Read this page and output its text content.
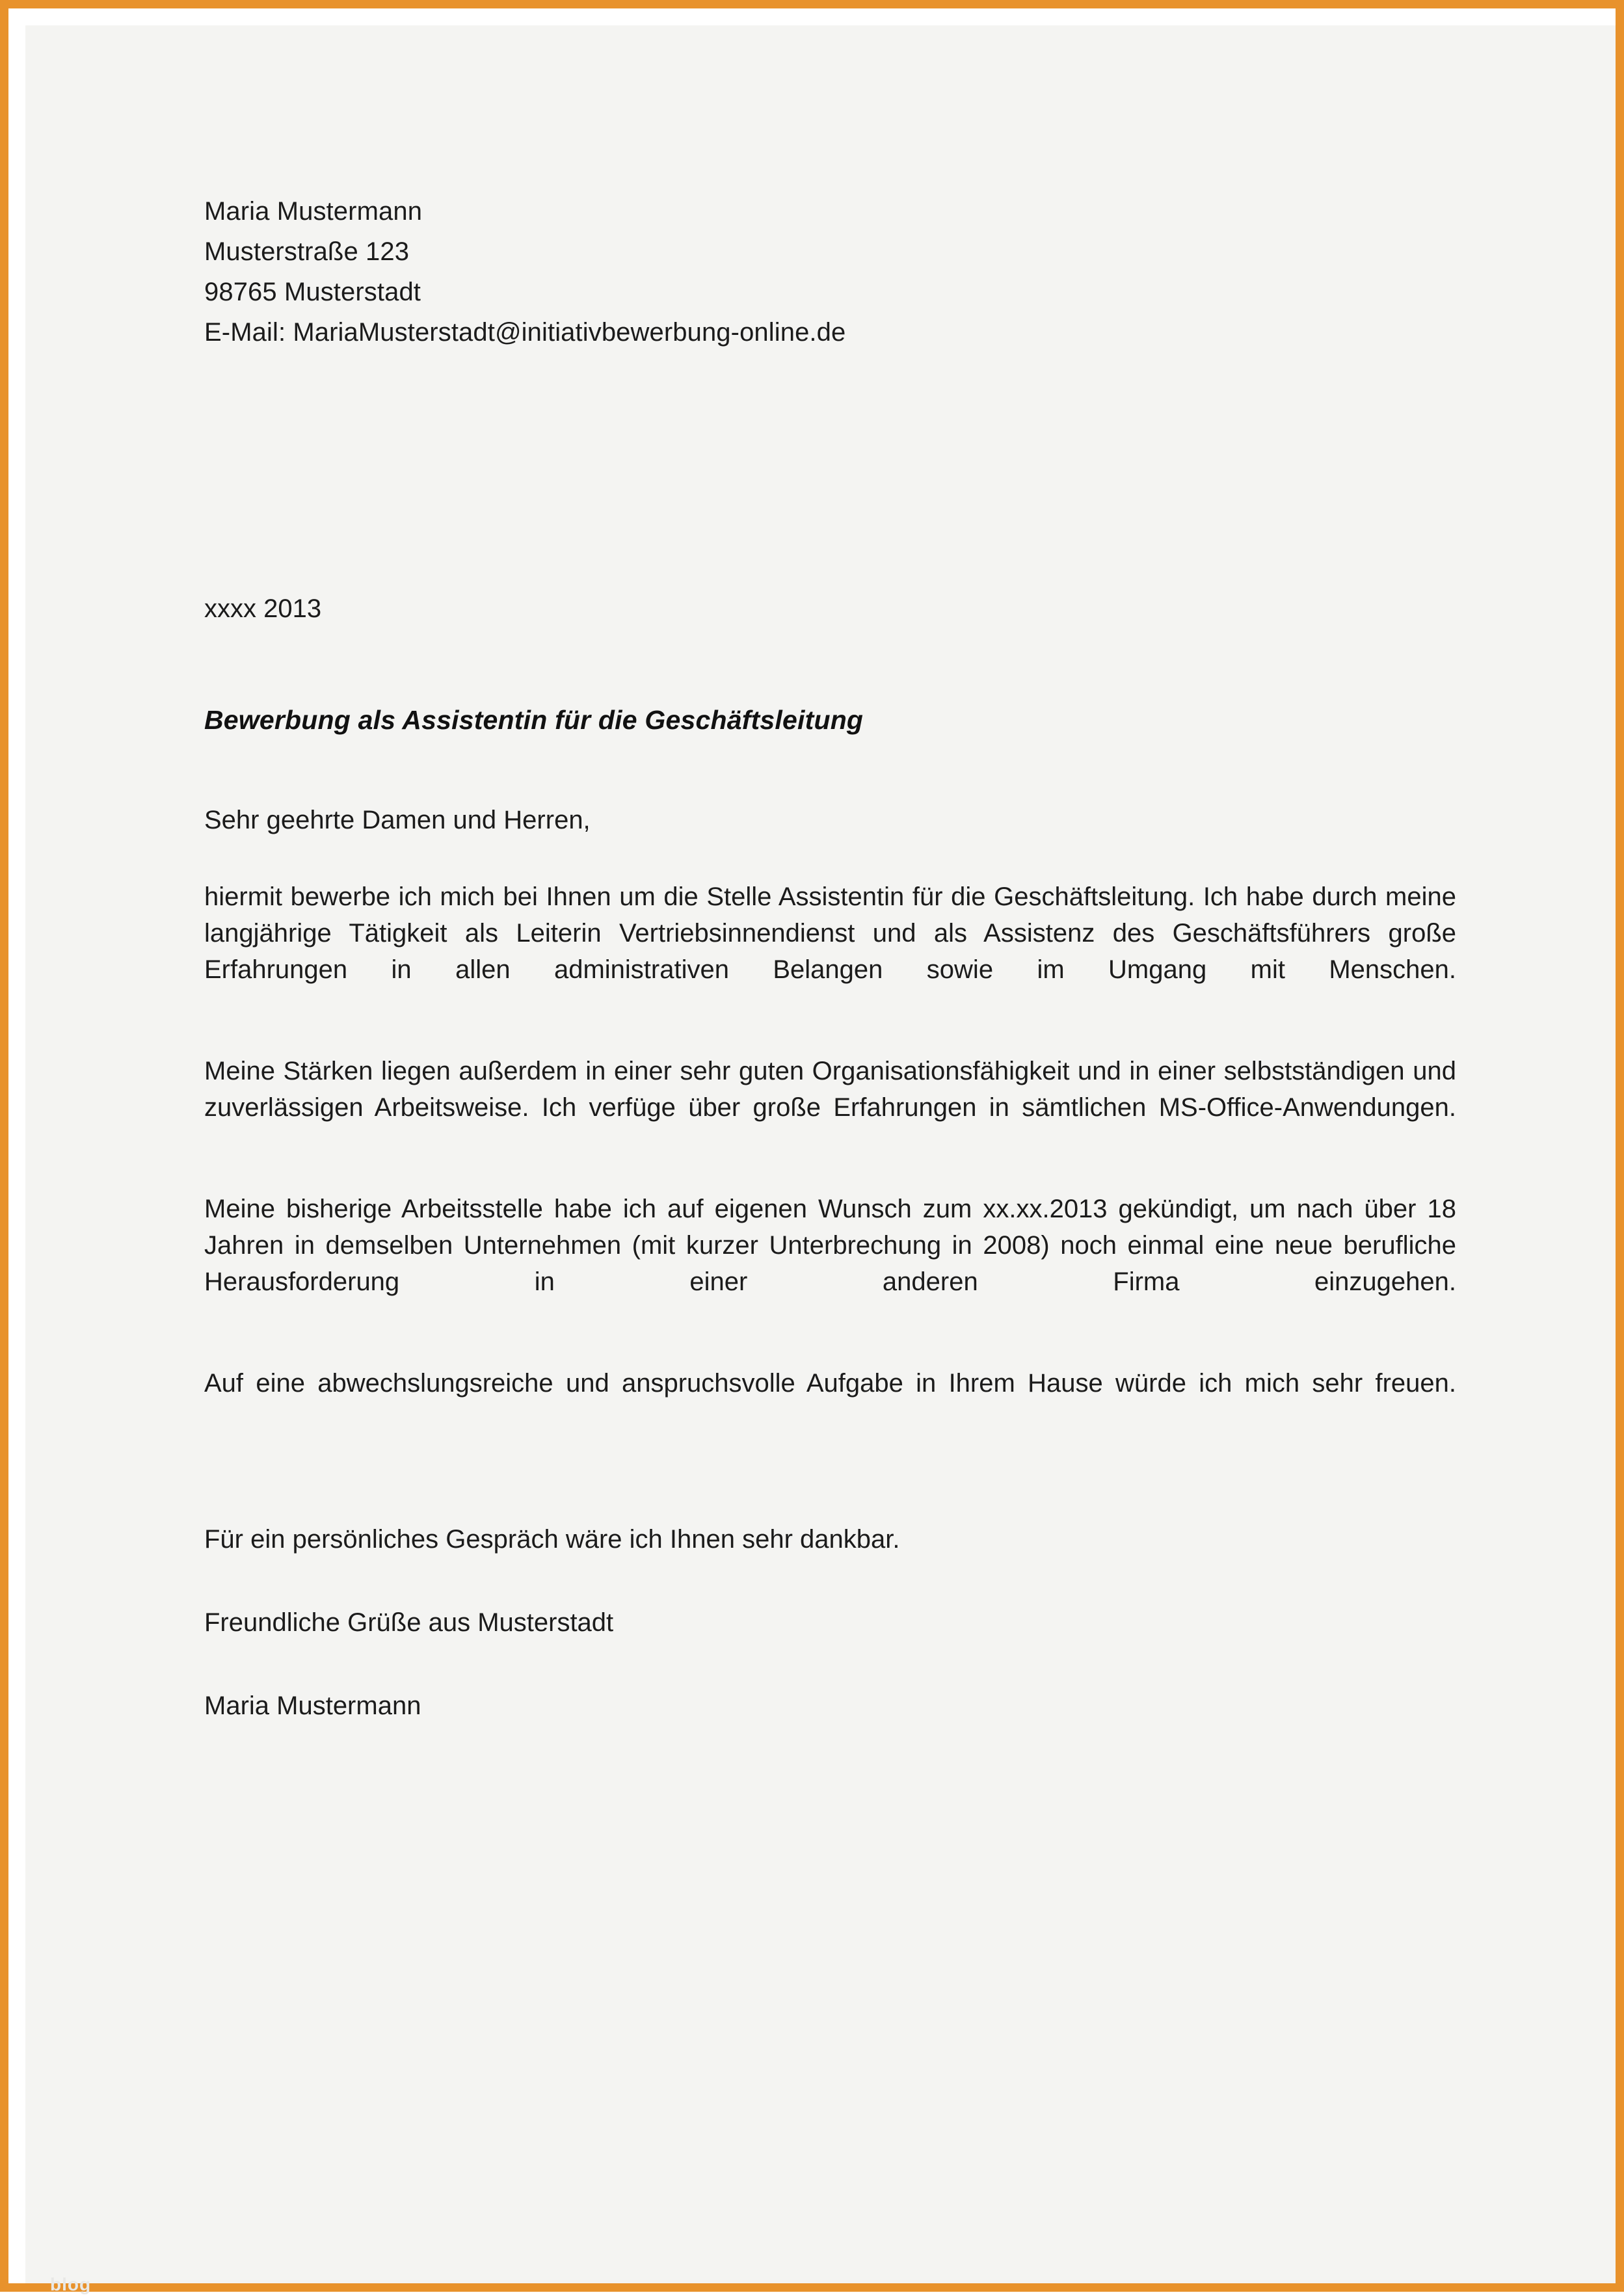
Maria Mustermann
Musterstraße 123
98765 Musterstadt
E-Mail: MariaMusterstadt@initiativbewerbung-online.de
xxxx 2013
Bewerbung als Assistentin für die Geschäftsleitung
Sehr geehrte Damen und Herren,

hiermit bewerbe ich mich bei Ihnen um die Stelle Assistentin für die Geschäftsleitung. Ich habe durch meine langjährige Tätigkeit als Leiterin Vertriebsinnendienst und als Assistenz des Geschäftsführers große Erfahrungen in allen administrativen Belangen sowie im Umgang mit Menschen.

Meine Stärken liegen außerdem in einer sehr guten Organisationsfähigkeit und in einer selbstständigen und zuverlässigen Arbeitsweise. Ich verfüge über große Erfahrungen in sämtlichen MS-Office-Anwendungen.

Meine bisherige Arbeitsstelle habe ich auf eigenen Wunsch zum xx.xx.2013 gekündigt, um nach über 18 Jahren in demselben Unternehmen (mit kurzer Unterbrechung in 2008) noch einmal eine neue berufliche Herausforderung in einer anderen Firma einzugehen.

Auf eine abwechslungsreiche und anspruchsvolle Aufgabe in Ihrem Hause würde ich mich sehr freuen.

Für ein persönliches Gespräch wäre ich Ihnen sehr dankbar.

Freundliche Grüße aus Musterstadt

Maria Mustermann

blog
